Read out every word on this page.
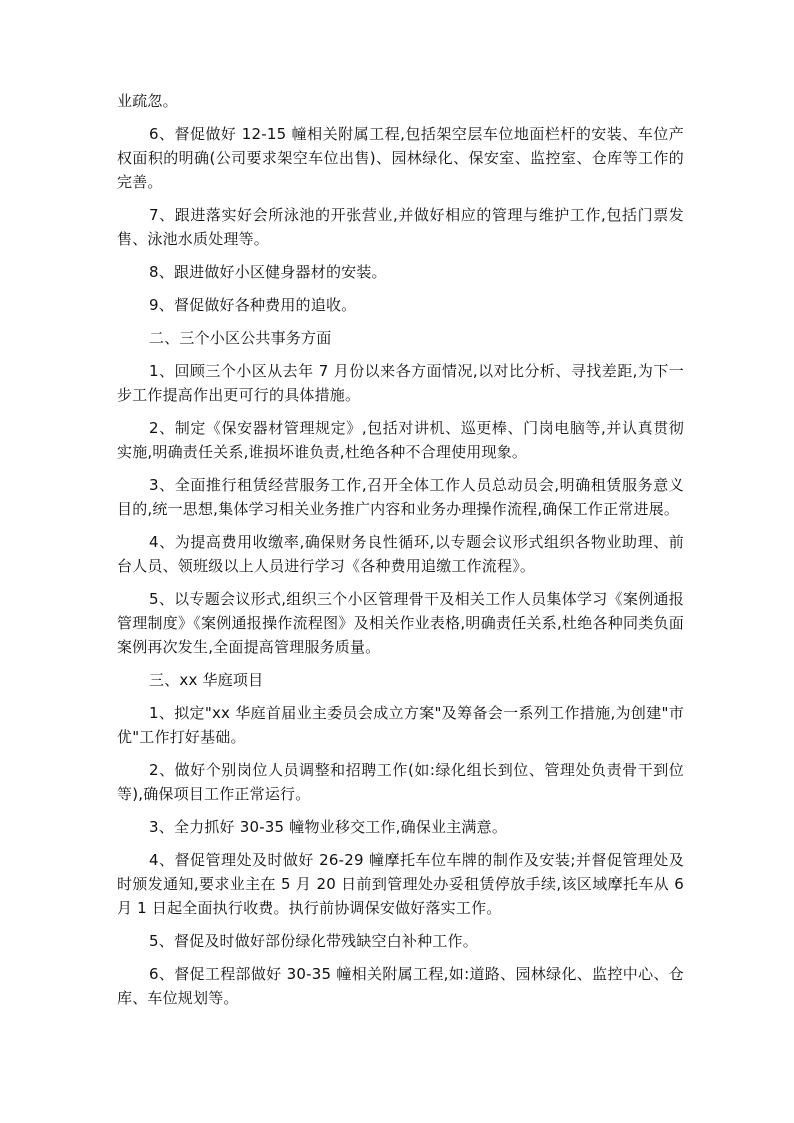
业疏忽。

6、督促做好 12-15 幢相关附属工程,包括架空层车位地面栏杆的安装、车位产权面积的明确(公司要求架空车位出售)、园林绿化、保安室、监控室、仓库等工作的完善。

7、跟进落实好会所泳池的开张营业,并做好相应的管理与维护工作,包括门票发售、泳池水质处理等。

8、跟进做好小区健身器材的安装。

9、督促做好各种费用的追收。

二、三个小区公共事务方面

1、回顾三个小区从去年 7 月份以来各方面情况,以对比分析、寻找差距,为下一步工作提高作出更可行的具体措施。

2、制定《保安器材管理规定》,包括对讲机、巡更棒、门岗电脑等,并认真贯彻实施,明确责任关系,谁损坏谁负责,杜绝各种不合理使用现象。

3、全面推行租赁经营服务工作,召开全体工作人员总动员会,明确租赁服务意义目的,统一思想,集体学习相关业务推广内容和业务办理操作流程,确保工作正常进展。

4、为提高费用收缴率,确保财务良性循环,以专题会议形式组织各物业助理、前台人员、领班级以上人员进行学习《各种费用追缴工作流程》。

5、以专题会议形式,组织三个小区管理骨干及相关工作人员集体学习《案例通报管理制度》《案例通报操作流程图》及相关作业表格,明确责任关系,杜绝各种同类负面案例再次发生,全面提高管理服务质量。

三、xx 华庭项目

1、拟定"xx 华庭首届业主委员会成立方案"及筹备会一系列工作措施,为创建"市优"工作打好基础。

2、做好个别岗位人员调整和招聘工作(如:绿化组长到位、管理处负责骨干到位等),确保项目工作正常运行。

3、全力抓好 30-35 幢物业移交工作,确保业主满意。

4、督促管理处及时做好 26-29 幢摩托车位车牌的制作及安装;并督促管理处及时颁发通知,要求业主在 5 月 20 日前到管理处办妥租赁停放手续,该区域摩托车从 6 月 1 日起全面执行收费。执行前协调保安做好落实工作。

5、督促及时做好部份绿化带残缺空白补种工作。

6、督促工程部做好 30-35 幢相关附属工程,如:道路、园林绿化、监控中心、仓库、车位规划等。
